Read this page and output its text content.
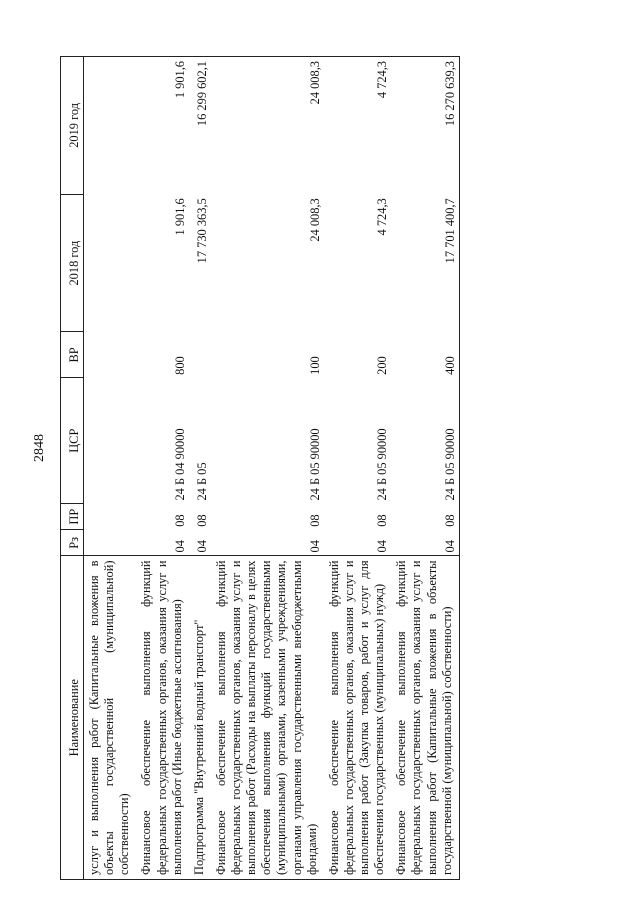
2848
Наименование	Рз	ПР	ЦСР	ВР	2018 год	2019 год
услуг и выполнения работ (Капитальные вложения в объекты государственной (муниципальной) собственности)						
Финансовое обеспечение выполнения функций федеральных государственных органов, оказания услуг и выполнения работ (Иные бюджетные ассигнования)	04	08	24 Б 04 90000	800	1 901,6	1 901,6
Подпрограмма "Внутренний водный транспорт"	04	08	24 Б 05		17 730 363,5	16 299 602,1
Финансовое обеспечение выполнения функций федеральных государственных органов, оказания услуг и выполнения работ (Расходы на выплаты персоналу в целях обеспечения выполнения функций государственными (муниципальными) органами, казенными учреждениями, органами управления государственными внебюджетными фондами)	04	08	24 Б 05 90000	100	24 008,3	24 008,3
Финансовое обеспечение выполнения функций федеральных государственных органов, оказания услуг и выполнения работ (Закупка товаров, работ и услуг для обеспечения государственных (муниципальных) нужд)	04	08	24 Б 05 90000	200	4 724,3	4 724,3
Финансовое обеспечение выполнения функций федеральных государственных органов, оказания услуг и выполнения работ (Капитальные вложения в объекты государственной (муниципальной) собственности)	04	08	24 Б 05 90000	400	17 701 400,7	16 270 639,3
